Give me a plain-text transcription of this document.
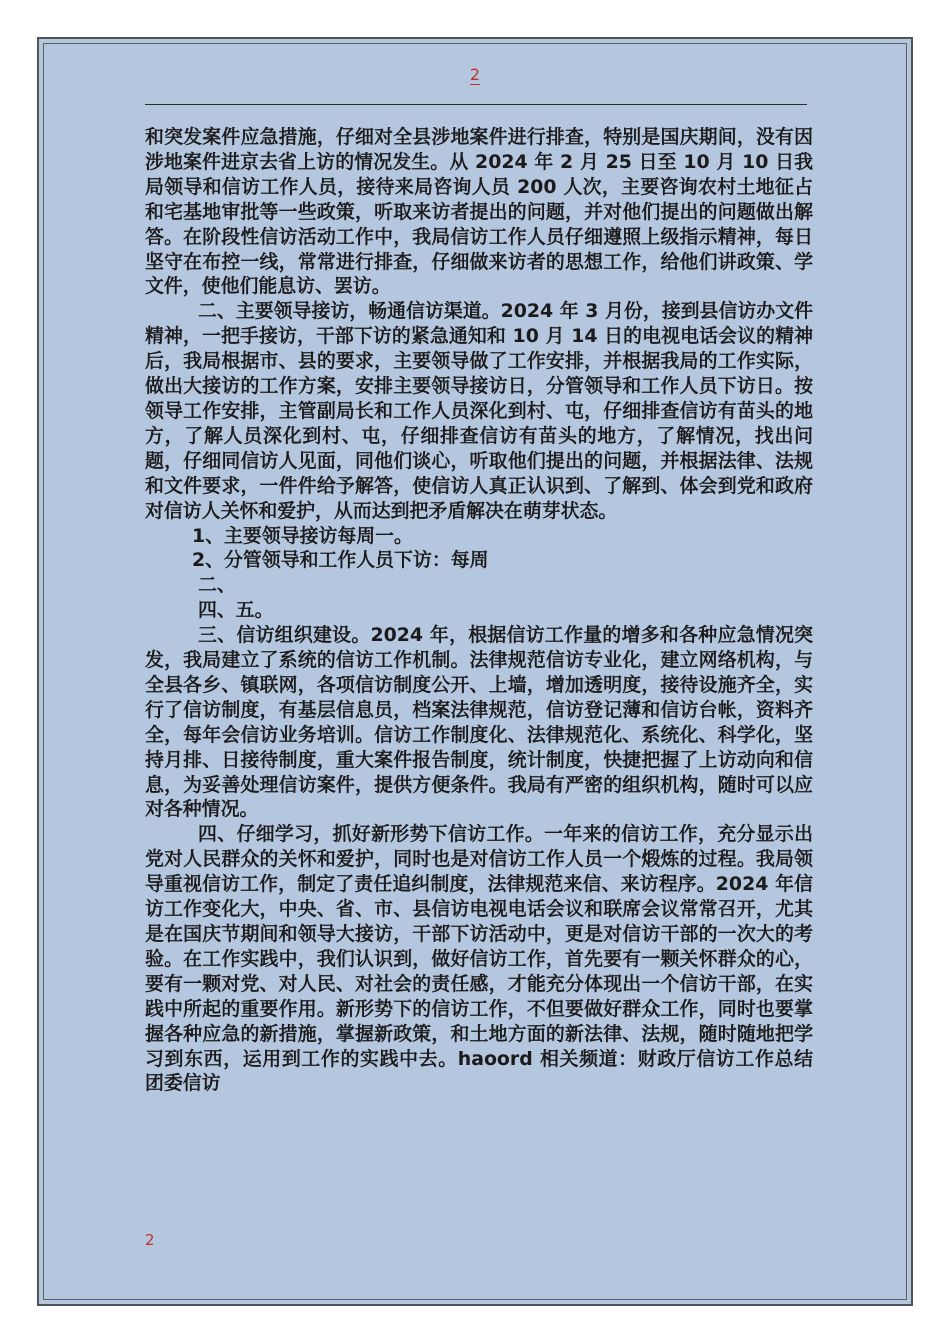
2

和突发案件应急措施，仔细对全县涉地案件进行排查，特别是国庆期间，没有因涉地案件进京去省上访的情况发生。从 2024 年 2 月 25 日至 10 月 10 日我局领导和信访工作人员，接待来局咨询人员 200 人次，主要咨询农村土地征占和宅基地审批等一些政策，听取来访者提出的问题，并对他们提出的问题做出解答。在阶段性信访活动工作中，我局信访工作人员仔细遵照上级指示精神，每日坚守在布控一线，常常进行排查，仔细做来访者的思想工作，给他们讲政策、学文件，使他们能息访、罢访。

二、主要领导接访，畅通信访渠道。2024 年 3 月份，接到县信访办文件精神，一把手接访，干部下访的紧急通知和 10 月 14 日的电视电话会议的精神后，我局根据市、县的要求，主要领导做了工作安排，并根据我局的工作实际，做出大接访的工作方案，安排主要领导接访日，分管领导和工作人员下访日。按领导工作安排，主管副局长和工作人员深化到村、屯，仔细排查信访有苗头的地方，了解人员深化到村、屯，仔细排查信访有苗头的地方，了解情况，找出问题，仔细同信访人见面，同他们谈心，听取他们提出的问题，并根据法律、法规和文件要求，一件件给予解答，使信访人真正认识到、了解到、体会到党和政府对信访人关怀和爱护，从而达到把矛盾解决在萌芽状态。

1、主要领导接访每周一。

2、分管领导和工作人员下访：每周

二、

四、五。

三、信访组织建设。2024 年，根据信访工作量的增多和各种应急情况突发，我局建立了系统的信访工作机制。法律规范信访专业化，建立网络机构，与全县各乡、镇联网，各项信访制度公开、上墙，增加透明度，接待设施齐全，实行了信访制度，有基层信息员，档案法律规范，信访登记薄和信访台帐，资料齐全，每年会信访业务培训。信访工作制度化、法律规范化、系统化、科学化，坚持月排、日接待制度，重大案件报告制度，统计制度，快捷把握了上访动向和信息，为妥善处理信访案件，提供方便条件。我局有严密的组织机构，随时可以应对各种情况。

四、仔细学习，抓好新形势下信访工作。一年来的信访工作，充分显示出党对人民群众的关怀和爱护，同时也是对信访工作人员一个煅炼的过程。我局领导重视信访工作，制定了责任追纠制度，法律规范来信、来访程序。2024 年信访工作变化大，中央、省、市、县信访电视电话会议和联席会议常常召开，尤其是在国庆节期间和领导大接访，干部下访活动中，更是对信访干部的一次大的考验。在工作实践中，我们认识到，做好信访工作，首先要有一颗关怀群众的心，要有一颗对党、对人民、对社会的责任感，才能充分体现出一个信访干部，在实践中所起的重要作用。新形势下的信访工作，不但要做好群众工作，同时也要掌握各种应急的新措施，掌握新政策，和土地方面的新法律、法规，随时随地把学习到东西，运用到工作的实践中去。haoord 相关频道：财政厅信访工作总结 团委信访

2
